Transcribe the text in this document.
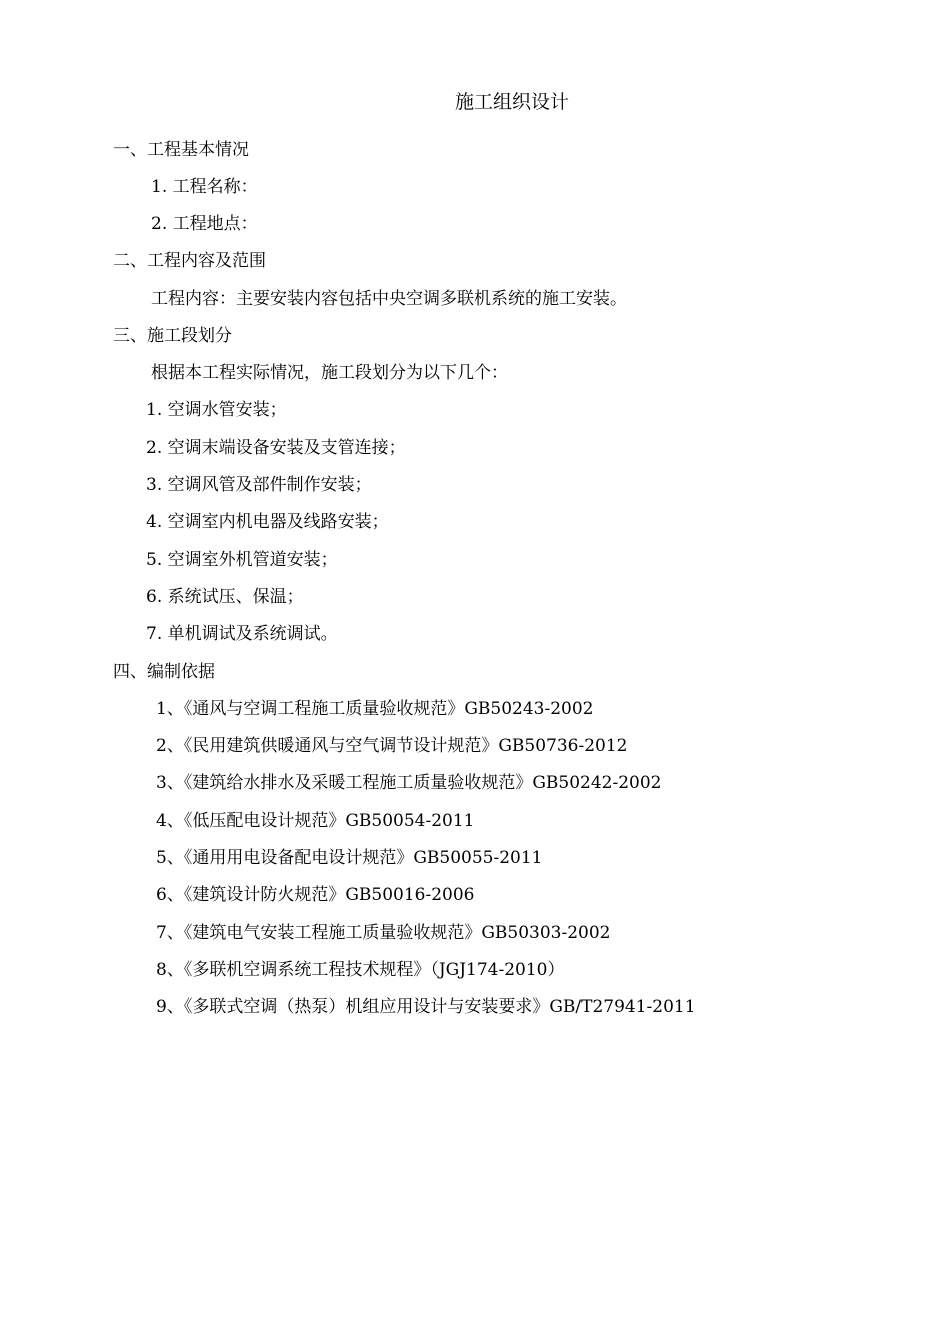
施工组织设计
一、工程基本情况
1. 工程名称：
2. 工程地点：
二、工程内容及范围
工程内容：主要安装内容包括中央空调多联机系统的施工安装。
三、施工段划分
根据本工程实际情况，施工段划分为以下几个：
1. 空调水管安装；
2. 空调末端设备安装及支管连接；
3. 空调风管及部件制作安装；
4. 空调室内机电器及线路安装；
5. 空调室外机管道安装；
6. 系统试压、保温；
7. 单机调试及系统调试。
四、编制依据
1、《通风与空调工程施工质量验收规范》GB50243-2002
2、《民用建筑供暖通风与空气调节设计规范》GB50736-2012
3、《建筑给水排水及采暖工程施工质量验收规范》GB50242-2002
4、《低压配电设计规范》GB50054-2011
5、《通用用电设备配电设计规范》GB50055-2011
6、《建筑设计防火规范》GB50016-2006
7、《建筑电气安装工程施工质量验收规范》GB50303-2002
8、《多联机空调系统工程技术规程》（JGJ174-2010）
9、《多联式空调（热泵）机组应用设计与安装要求》GB/T27941-2011
